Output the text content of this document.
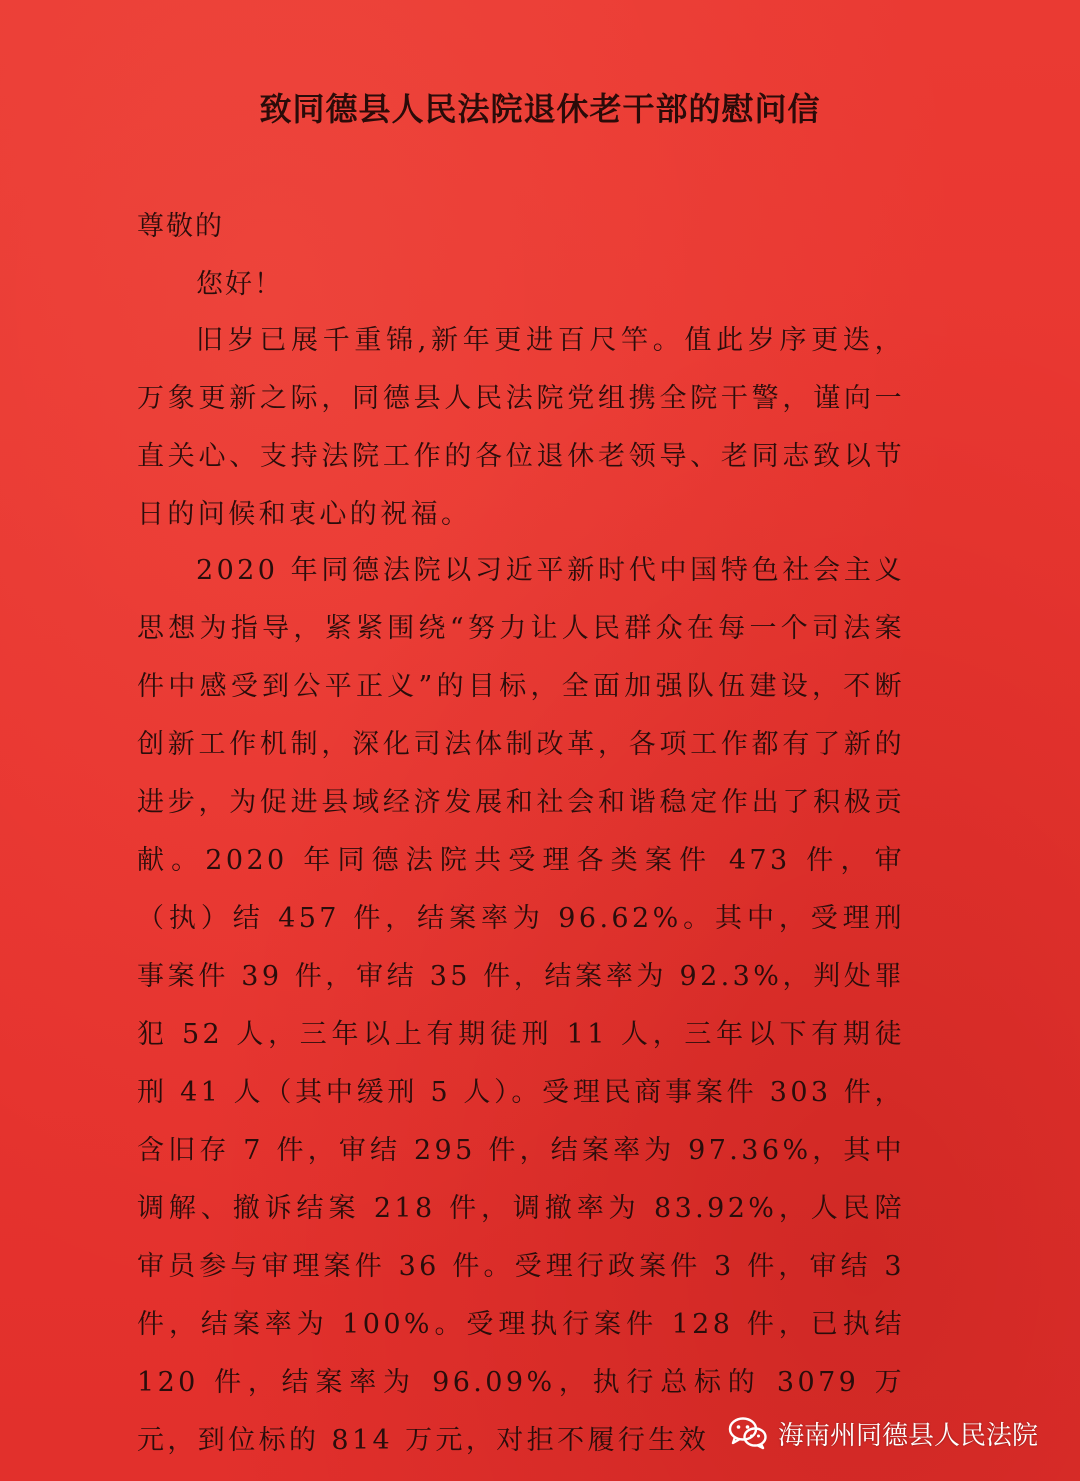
致同德县人民法院退休老干部的慰问信
尊敬的
您好！

旧岁已展千重锦,新年更进百尺竿。值此岁序更迭，万象更新之际，同德县人民法院党组携全院干警，谨向一直关心、支持法院工作的各位退休老领导、老同志致以节日的问候和衷心的祝福。

2020 年同德法院以习近平新时代中国特色社会主义思想为指导，紧紧围绕“努力让人民群众在每一个司法案件中感受到公平正义”的目标，全面加强队伍建设，不断创新工作机制，深化司法体制改革，各项工作都有了新的进步，为促进县域经济发展和社会和谐稳定作出了积极贡献。2020 年同德法院共受理各类案件 473 件，审（执）结 457 件，结案率为 96.62%。其中，受理刑事案件 39 件，审结 35 件，结案率为 92.3%，判处罪犯 52 人，三年以上有期徒刑 11 人，三年以下有期徒刑 41 人（其中缓刑 5 人）。受理民商事案件 303 件，含旧存 7 件，审结 295 件，结案率为 97.36%，其中调解、撤诉结案 218 件，调撤率为 83.92%，人民陪审员参与审理案件 36 件。受理行政案件 3 件，审结 3 件，结案率为 100%。受理执行案件 128 件，已执结 120 件，结案率为 96.09%，执行总标的 3079 万元，到位标的 814 万元，对拒不履行生效	海南州同德县人民法院
